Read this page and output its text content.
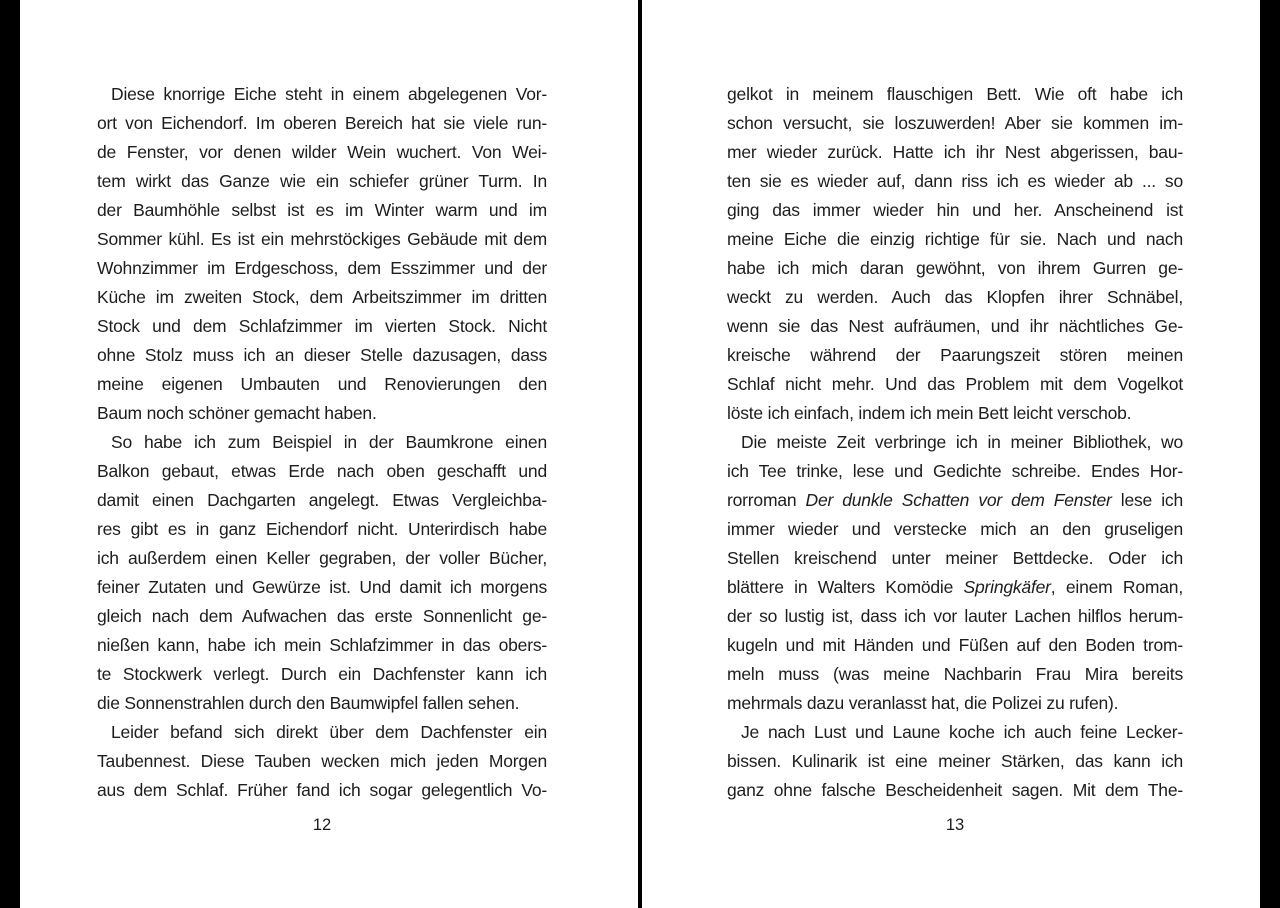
Diese knorrige Eiche steht in einem abgelegenen Vor-
ort von Eichendorf. Im oberen Bereich hat sie viele run-
de Fenster, vor denen wilder Wein wuchert. Von Wei-
tem wirkt das Ganze wie ein schiefer grüner Turm. In
der Baumhöhle selbst ist es im Winter warm und im
Sommer kühl. Es ist ein mehrstöckiges Gebäude mit dem
Wohnzimmer im Erdgeschoss, dem Esszimmer und der
Küche im zweiten Stock, dem Arbeitszimmer im dritten
Stock und dem Schlafzimmer im vierten Stock. Nicht
ohne Stolz muss ich an dieser Stelle dazusagen, dass
meine eigenen Umbauten und Renovierungen den
Baum noch schöner gemacht haben.
So habe ich zum Beispiel in der Baumkrone einen
Balkon gebaut, etwas Erde nach oben geschafft und
damit einen Dachgarten angelegt. Etwas Vergleichba-
res gibt es in ganz Eichendorf nicht. Unterirdisch habe
ich außerdem einen Keller gegraben, der voller Bücher,
feiner Zutaten und Gewürze ist. Und damit ich morgens
gleich nach dem Aufwachen das erste Sonnenlicht ge-
nießen kann, habe ich mein Schlafzimmer in das obers-
te Stockwerk verlegt. Durch ein Dachfenster kann ich
die Sonnenstrahlen durch den Baumwipfel fallen sehen.
Leider befand sich direkt über dem Dachfenster ein
Taubennest. Diese Tauben wecken mich jeden Morgen
aus dem Schlaf. Früher fand ich sogar gelegentlich Vo-
gelkot in meinem flauschigen Bett. Wie oft habe ich
schon versucht, sie loszuwerden! Aber sie kommen im-
mer wieder zurück. Hatte ich ihr Nest abgerissen, bau-
ten sie es wieder auf, dann riss ich es wieder ab ... so
ging das immer wieder hin und her. Anscheinend ist
meine Eiche die einzig richtige für sie. Nach und nach
habe ich mich daran gewöhnt, von ihrem Gurren ge-
weckt zu werden. Auch das Klopfen ihrer Schnäbel,
wenn sie das Nest aufräumen, und ihr nächtliches Ge-
kreische während der Paarungszeit stören meinen
Schlaf nicht mehr. Und das Problem mit dem Vogelkot
löste ich einfach, indem ich mein Bett leicht verschob.
Die meiste Zeit verbringe ich in meiner Bibliothek, wo
ich Tee trinke, lese und Gedichte schreibe. Endes Hor-
rorroman Der dunkle Schatten vor dem Fenster lese ich
immer wieder und verstecke mich an den gruseligen
Stellen kreischend unter meiner Bettdecke. Oder ich
blättere in Walters Komödie Springkäfer, einem Roman,
der so lustig ist, dass ich vor lauter Lachen hilflos herum-
kugeln und mit Händen und Füßen auf den Boden trom-
meln muss (was meine Nachbarin Frau Mira bereits
mehrmals dazu veranlasst hat, die Polizei zu rufen).
Je nach Lust und Laune koche ich auch feine Lecker-
bissen. Kulinarik ist eine meiner Stärken, das kann ich
ganz ohne falsche Bescheidenheit sagen. Mit dem The-
12	13
